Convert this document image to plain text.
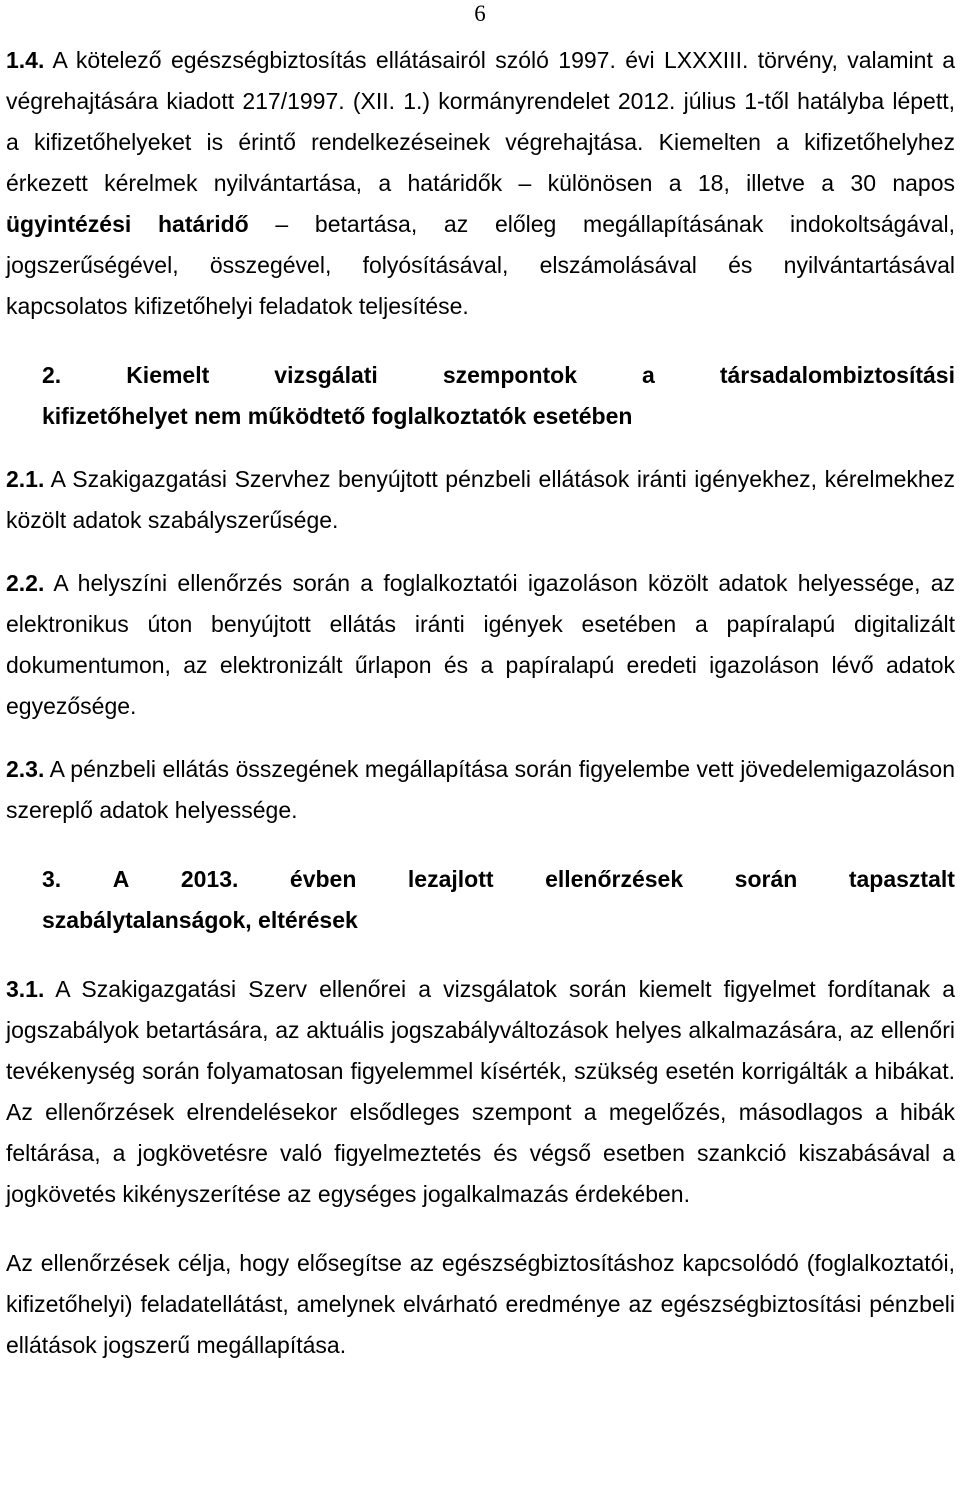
6

1.4. A kötelező egészségbiztosítás ellátásairól szóló 1997. évi LXXXIII. törvény, valamint a végrehajtására kiadott 217/1997. (XII. 1.) kormányrendelet 2012. július 1-től hatályba lépett, a kifizetőhelyeket is érintő rendelkezéseinek végrehajtása. Kiemelten a kifizetőhelyhez érkezett kérelmek nyilvántartása, a határidők – különösen a 18, illetve a 30 napos ügyintézési határidő – betartása, az előleg megállapításának indokoltságával, jogszerűségével, összegével, folyósításával, elszámolásával és nyilvántartásával kapcsolatos kifizetőhelyi feladatok teljesítése.

2.	Kiemelt	vizsgálati	szempontok	a	társadalombiztosítási
kifizetőhelyet nem működtető foglalkoztatók esetében

2.1. A Szakigazgatási Szervhez benyújtott pénzbeli ellátások iránti igényekhez, kérelmekhez közölt adatok szabályszerűsége.

2.2. A helyszíni ellenőrzés során a foglalkoztatói igazoláson közölt adatok helyessége, az elektronikus úton benyújtott ellátás iránti igények esetében a papíralapú digitalizált dokumentumon, az elektronizált űrlapon és a papíralapú eredeti igazoláson lévő adatok egyezősége.

2.3. A pénzbeli ellátás összegének megállapítása során figyelembe vett jövedelemigazoláson szereplő adatok helyessége.

3. A 2013. évben lezajlott ellenőrzések során tapasztalt
szabálytalanságok, eltérések

3.1. A Szakigazgatási Szerv ellenőrei a vizsgálatok során kiemelt figyelmet fordítanak a jogszabályok betartására, az aktuális jogszabályváltozások helyes alkalmazására, az ellenőri tevékenység során folyamatosan figyelemmel kísérték, szükség esetén korrigálták a hibákat. Az ellenőrzések elrendelésekor elsődleges szempont a megelőzés, másodlagos a hibák feltárása, a jogkövetésre való figyelmeztetés és végső esetben szankció kiszabásával a jogkövetés kikényszerítése az egységes jogalkalmazás érdekében.

Az ellenőrzések célja, hogy elősegítse az egészségbiztosításhoz kapcsolódó (foglalkoztatói, kifizetőhelyi) feladatellátást, amelynek elvárható eredménye az egészségbiztosítási pénzbeli ellátások jogszerű megállapítása.
